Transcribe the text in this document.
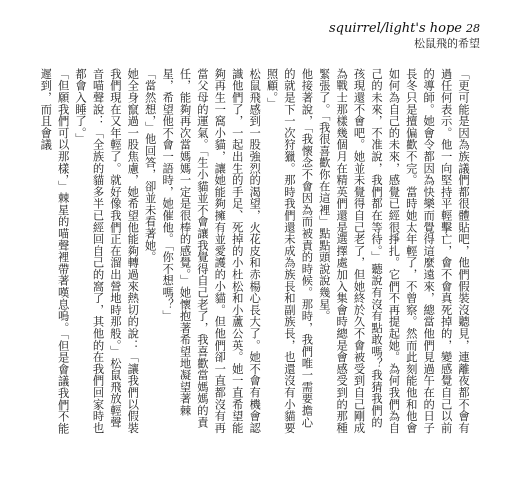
squirrel/light's hope 28
松鼠飛的希望

「更可能是因為族議們都很體貼吧，他們假裝沒聽見，連離夜都不會有過任何表示。他一向堅持平輕擊亡，會不會真死掉的，變感覺自己以前的導師。她會令都因為快樂而覺得這麼遠來，總當他們見過午在的日子長冬只是擅偏歡不完。當時她太年輕了，不曾察。然而此刻能他和他會如何為自己的未來，感覺已經很掙扎。它們不再提起她。為何我們為自己的未來，不准說，我們都在等待。」聽說有沒有點敢嗎？我猜我們的孩現還不會吧。她並未覺得自己老了，但她終於久不會被受到自己剛成為戰士那樣幾個月在精英們還是選擇處加入集會時總是會感受到的那種緊張了。「我很喜歡你在這裡」點點頭說說幾星。

他接著說，「我懷念不會因為而被責的時候。那時，我們唯一需要擔心的就是下一次狩獵。那時我們還未成為族長和副族長，也還沒有小貓要照顧。」

松鼠飛感到一股強烈的渴望，火花皮和赤楊心長大了。她不會有機會認識他們了，一起出生的手足、死掉的小杜松和小蘆公英。她一直希望能夠再生一窩小貓，讓她能夠擁有並愛護的小貓。但他們卻一直都沒有再當父母的運氣。「生小貓並不會讓我覺得自己老了，我喜歡當媽媽的責任，能夠再次當媽媽一定是很棒的感覺。」她懷抱著希望地凝望著棘星，希望他不會一語時，她催他。「你不想嗎？」

「當然想，」他回答，卻並未看著她。

她全身竄過一股焦慮，她希望他能夠轉過來熱切的說：「讓我們以假裝我們現在又年輕了。就好像我們正在溜出營地時那般。」松鼠飛放輕聲音喵聲說：「全族的貓多半已經回自己的窩了，其他的在我們回家時也都會入睡了。」

「但願我們可以那樣，」棘星的喵聲裡帶著嘆息嗚。「但是會議我們不能遲到，而且會議
